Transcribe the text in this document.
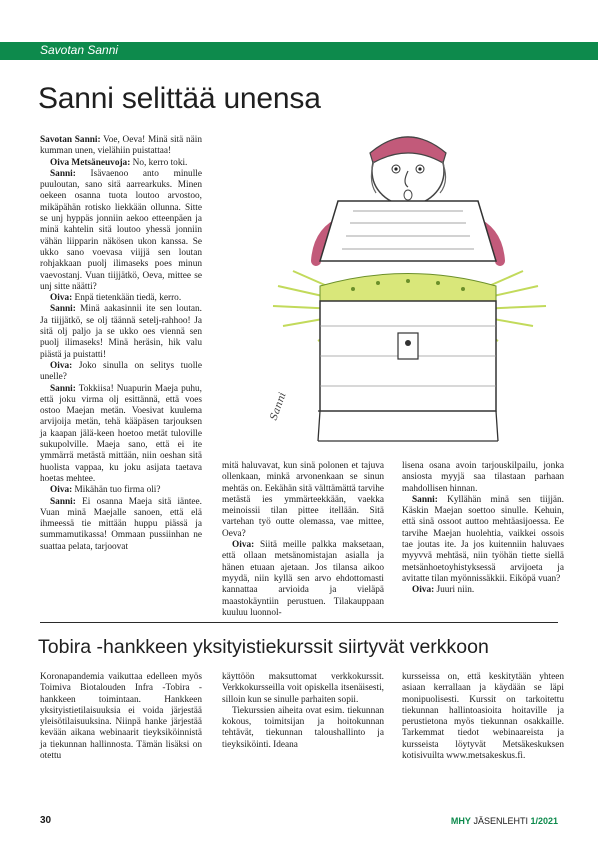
Savotan Sanni
Sanni selittää unensa

Savotan Sanni: Voe, Oeva! Minä sitä näin kumman unen, vielähiin puistattaa!

Oiva Metsäneuvoja: No, kerro toki.

Sanni: Isävaenoo anto minulle puuloutan, sano sitä aarrearkuks. Minen oekeen osanna tuota loutoo arvostoo, mikäpähän rotisko liekkään ollunna. Sitte se unj hyppäs jonniin aekoo etteenpäen ja minä kahtelin sitä loutoo yhessä jonniin vähän liipparin näkösen ukon kanssa. Se ukko sano voevasa viijjä sen loutan rohjakkaan puolj ilimaseks poes minun vaevostanj. Vuan tiijjätkö, Oeva, mittee se unj sitte näätti?

Oiva: Enpä tietenkään tiedä, kerro.

Sanni: Minä aakasinnii ite sen loutan. Ja tiijjätkö, se olj täännä setelj-rahhoo! Ja sitä olj paljo ja se ukko oes viennä sen puolj ilimaseks! Minä heräsin, hik valu piästä ja puistatti!

Oiva: Joko sinulla on selitys tuolle unelle?

Sanni: Tokkiisa! Nuapurin Maeja puhu, että joku virma olj esittännä, että voes ostoo Maejan metän. Voesivat kuulema arvijoija metän, tehä kääpäsen tarjouksen ja kaapan jälä-keen hoetoo metät tuloville sukupolville. Maeja sano, että ei ite ymmärrä metästä mittään, niin oeshan sitä huolista vappaa, ku joku asijata taetava hoetas mehtee.

Oiva: Mikähän tuo firma oli?

Sanni: Ei osanna Maeja sitä iäntee. Vuan minä Maejalle sanoen, että elä ihmeessä tie mittään huppu piässä ja summamutikassa! Ommaan pussiinhan ne suattaa pelata, tarjoovat

mitä haluvavat, kun sinä polonen et tajuva ollenkaan, minkä arvonenkaan se sinun mehtäs on. Eekähän sitä välttämättä tarvihe metästä ies ymmärteekkään, vaekka meinoissii tilan pittee itellään. Sitä vartehan työ outte olemassa, vae mittee, Oeva?

Oiva: Siitä meille palkka maksetaan, että ollaan metsänomistajan asialla ja hänen etuaan ajetaan. Jos tilansa aikoo myydä, niin kyllä sen arvo ehdottomasti kannattaa arvioida ja vieläpä maastokäyntiin perustuen. Tilakauppaan kuuluu luonnol-

lisena osana avoin tarjouskilpailu, jonka ansiosta myyjä saa tilastaan parhaan mahdollisen hinnan.

Sanni: Kyllähän minä sen tiijjän. Käskin Maejan soettoo sinulle. Kehuin, että sinä ossoot auttoo mehtäasijoessa. Ee tarvihe Maejan huolehtia, vaikkei ossois tae joutas ite. Ja jos kuitenniin haluvaes myyvvä mehtäsä, niin työhän tiette siellä metsänhoetoyhistyksessä arvijoeta ja avitatte tilan myönnissäkkii. Eiköpä vuan?

Oiva: Juuri niin.

Sanni
Tobira -hankkeen yksityistiekurssit siirtyvät verkkoon

Koronapandemia vaikuttaa edelleen myös Toimiva Biotalouden Infra -Tobira -hankkeen toimintaan. Hankkeen yksityistietilaisuuksia ei voida järjestää yleisötilaisuuksina. Niinpä hanke järjestää kevään aikana webinaarit tieyksiköinnistä ja tiekunnan hallinnosta. Tämän lisäksi on otettu

käyttöön maksuttomat verkkokurssit. Verkkokursseilla voit opiskella itsenäisesti, silloin kun se sinulle parhaiten sopii.

Tiekurssien aiheita ovat esim. tiekunnan kokous, toimitsijan ja hoitokunnan tehtävät, tiekunnan taloushallinto ja tieyksiköinti. Ideana

kursseissa on, että keskitytään yhteen asiaan kerrallaan ja käydään se läpi monipuolisesti. Kurssit on tarkoitettu tiekunnan hallintoasioita hoitaville ja perustietona myös tiekunnan osakkaille. Tarkemmat tiedot webinaareista ja kursseista löytyvät Metsäkeskuksen kotisivuilta www.metsakeskus.fi.

30	MHY JÄSENLEHTI 1/2021
